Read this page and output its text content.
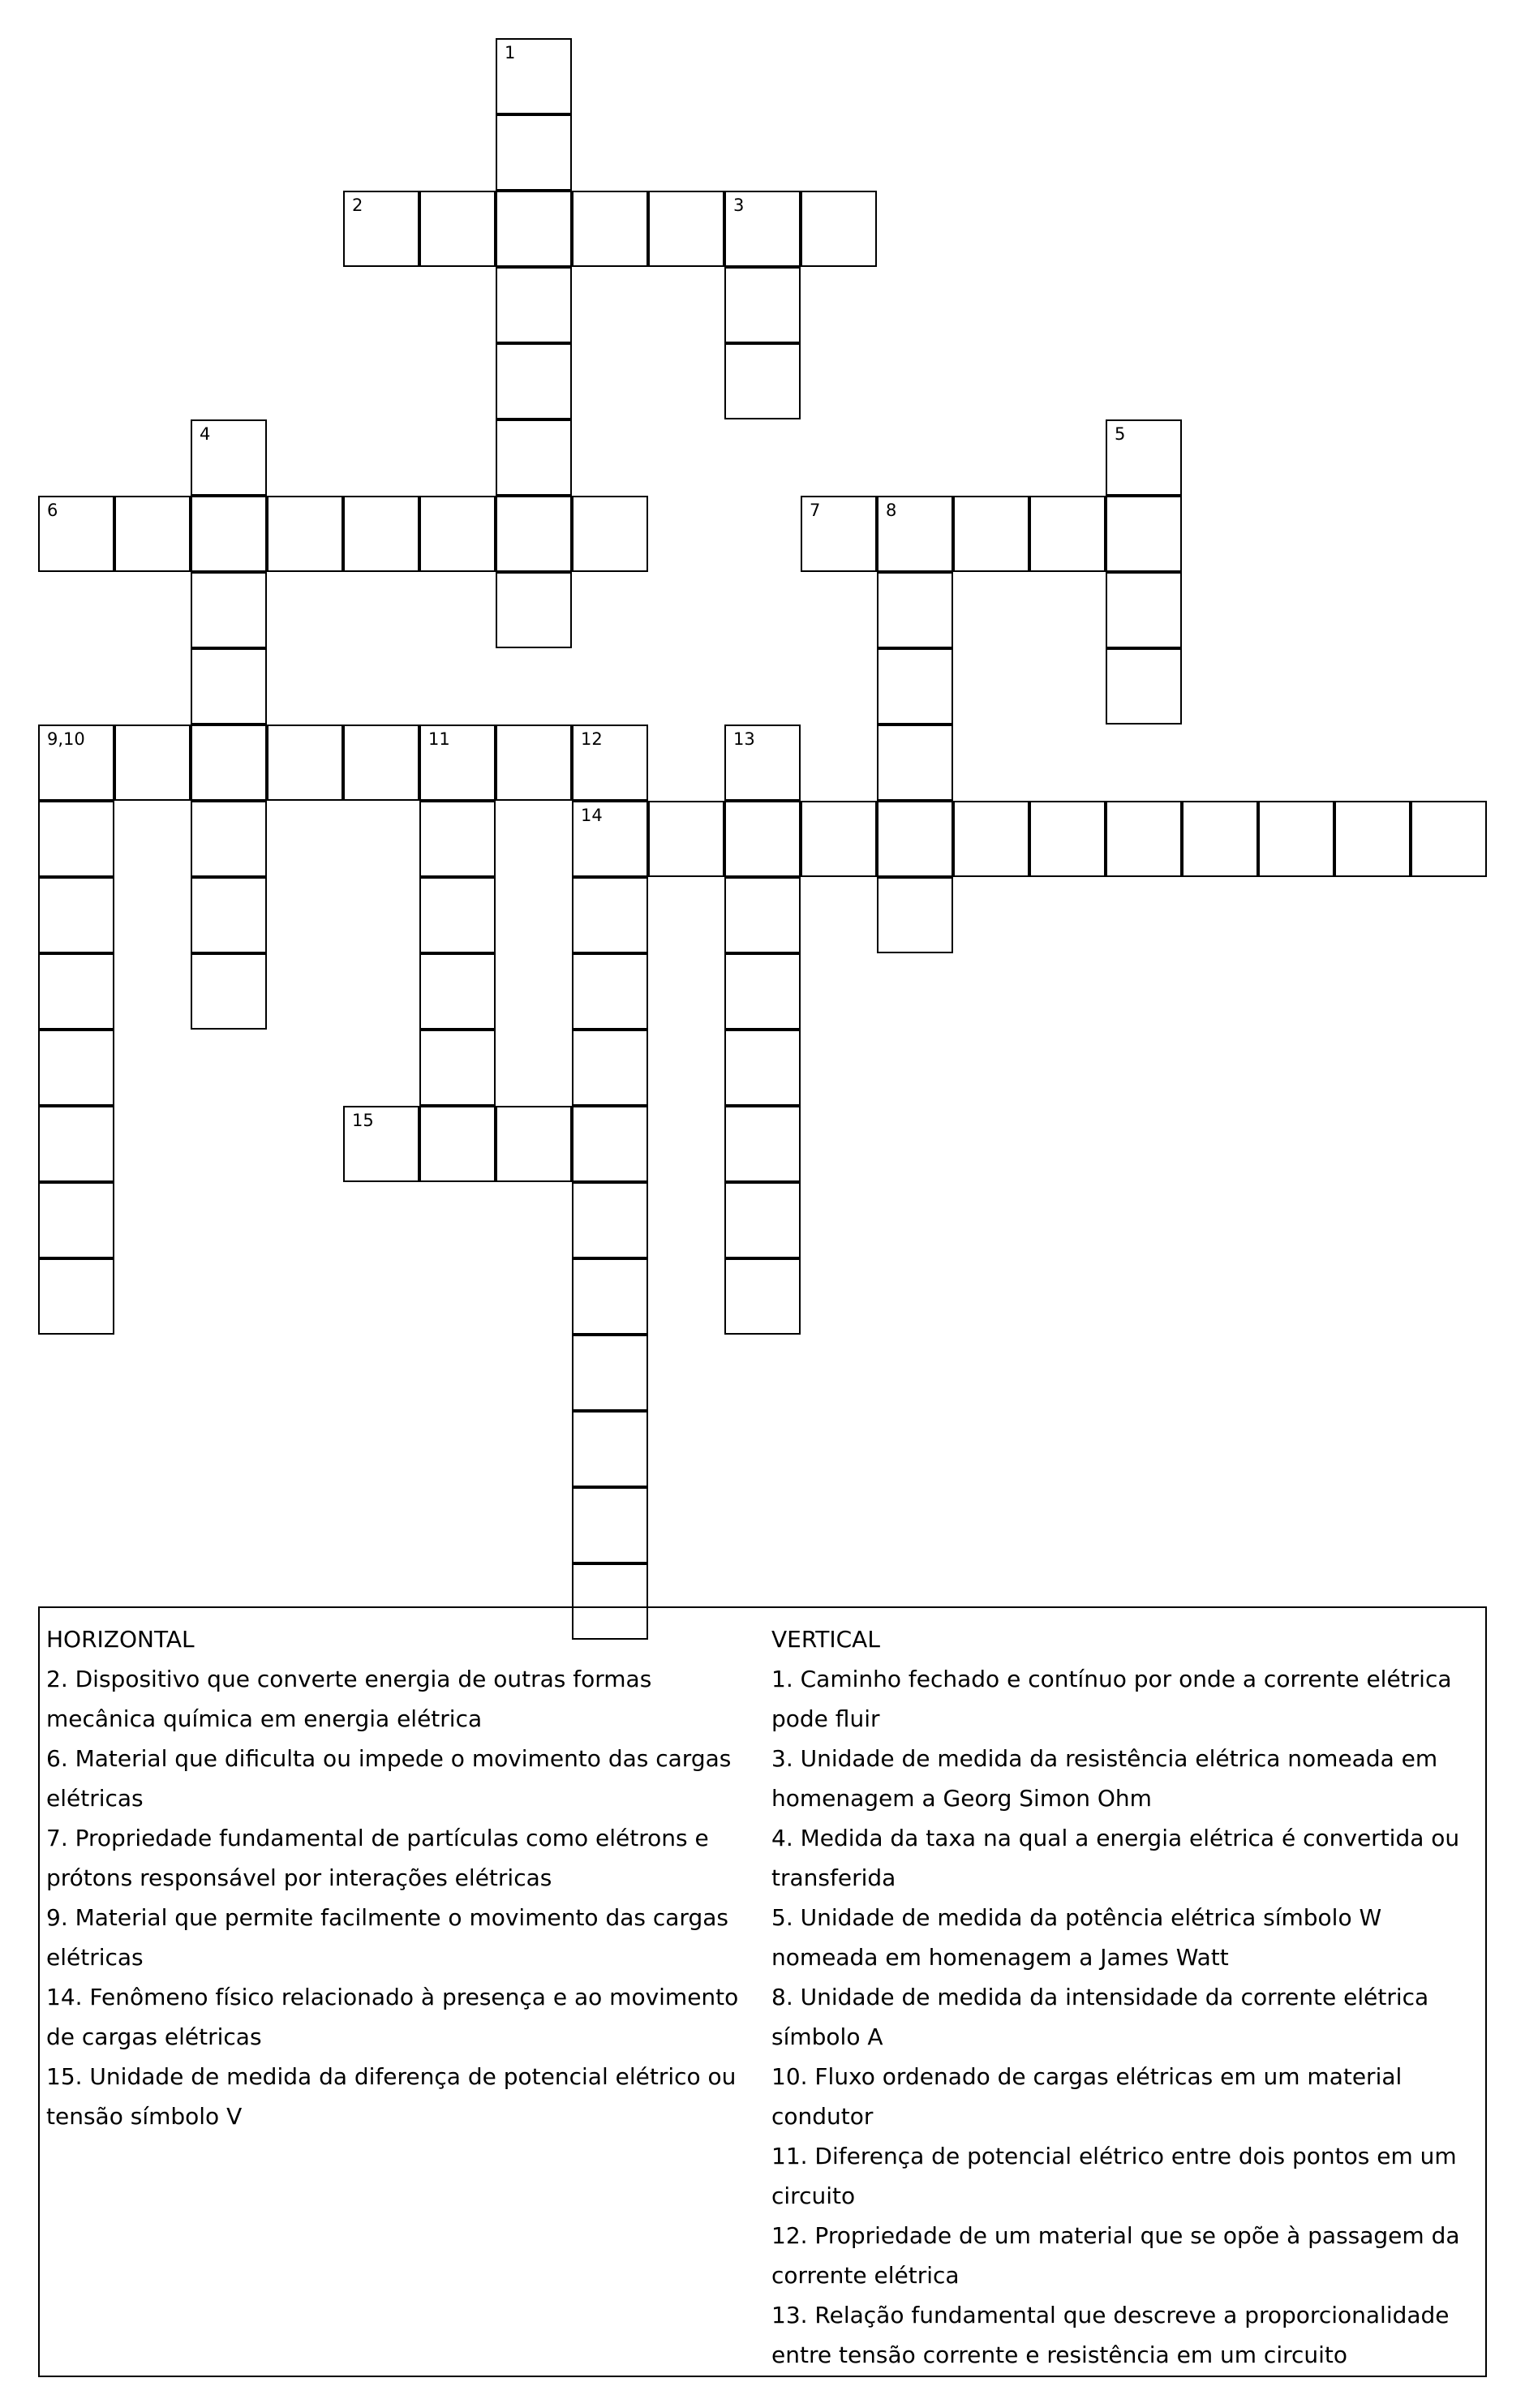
1
2	3
4	5
6	7	8
9,10	11	12
14
13
15

HORIZONTAL

2. Dispositivo que converte energia de outras formas mecânica química em energia elétrica

6. Material que dificulta ou impede o movimento das cargas elétricas

7. Propriedade fundamental de partículas como elétrons e prótons responsável por interações elétricas

9. Material que permite facilmente o movimento das cargas elétricas

14. Fenômeno físico relacionado à presença e ao movimento de cargas elétricas

15. Unidade de medida da diferença de potencial elétrico ou tensão símbolo V

VERTICAL

1. Caminho fechado e contínuo por onde a corrente elétrica pode fluir

3. Unidade de medida da resistência elétrica nomeada em homenagem a Georg Simon Ohm

4. Medida da taxa na qual a energia elétrica é convertida ou transferida

5. Unidade de medida da potência elétrica símbolo W nomeada em homenagem a James Watt

8. Unidade de medida da intensidade da corrente elétrica símbolo A

10. Fluxo ordenado de cargas elétricas em um material condutor

11. Diferença de potencial elétrico entre dois pontos em um circuito

12. Propriedade de um material que se opõe à passagem da corrente elétrica

13. Relação fundamental que descreve a proporcionalidade entre tensão corrente e resistência em um circuito
